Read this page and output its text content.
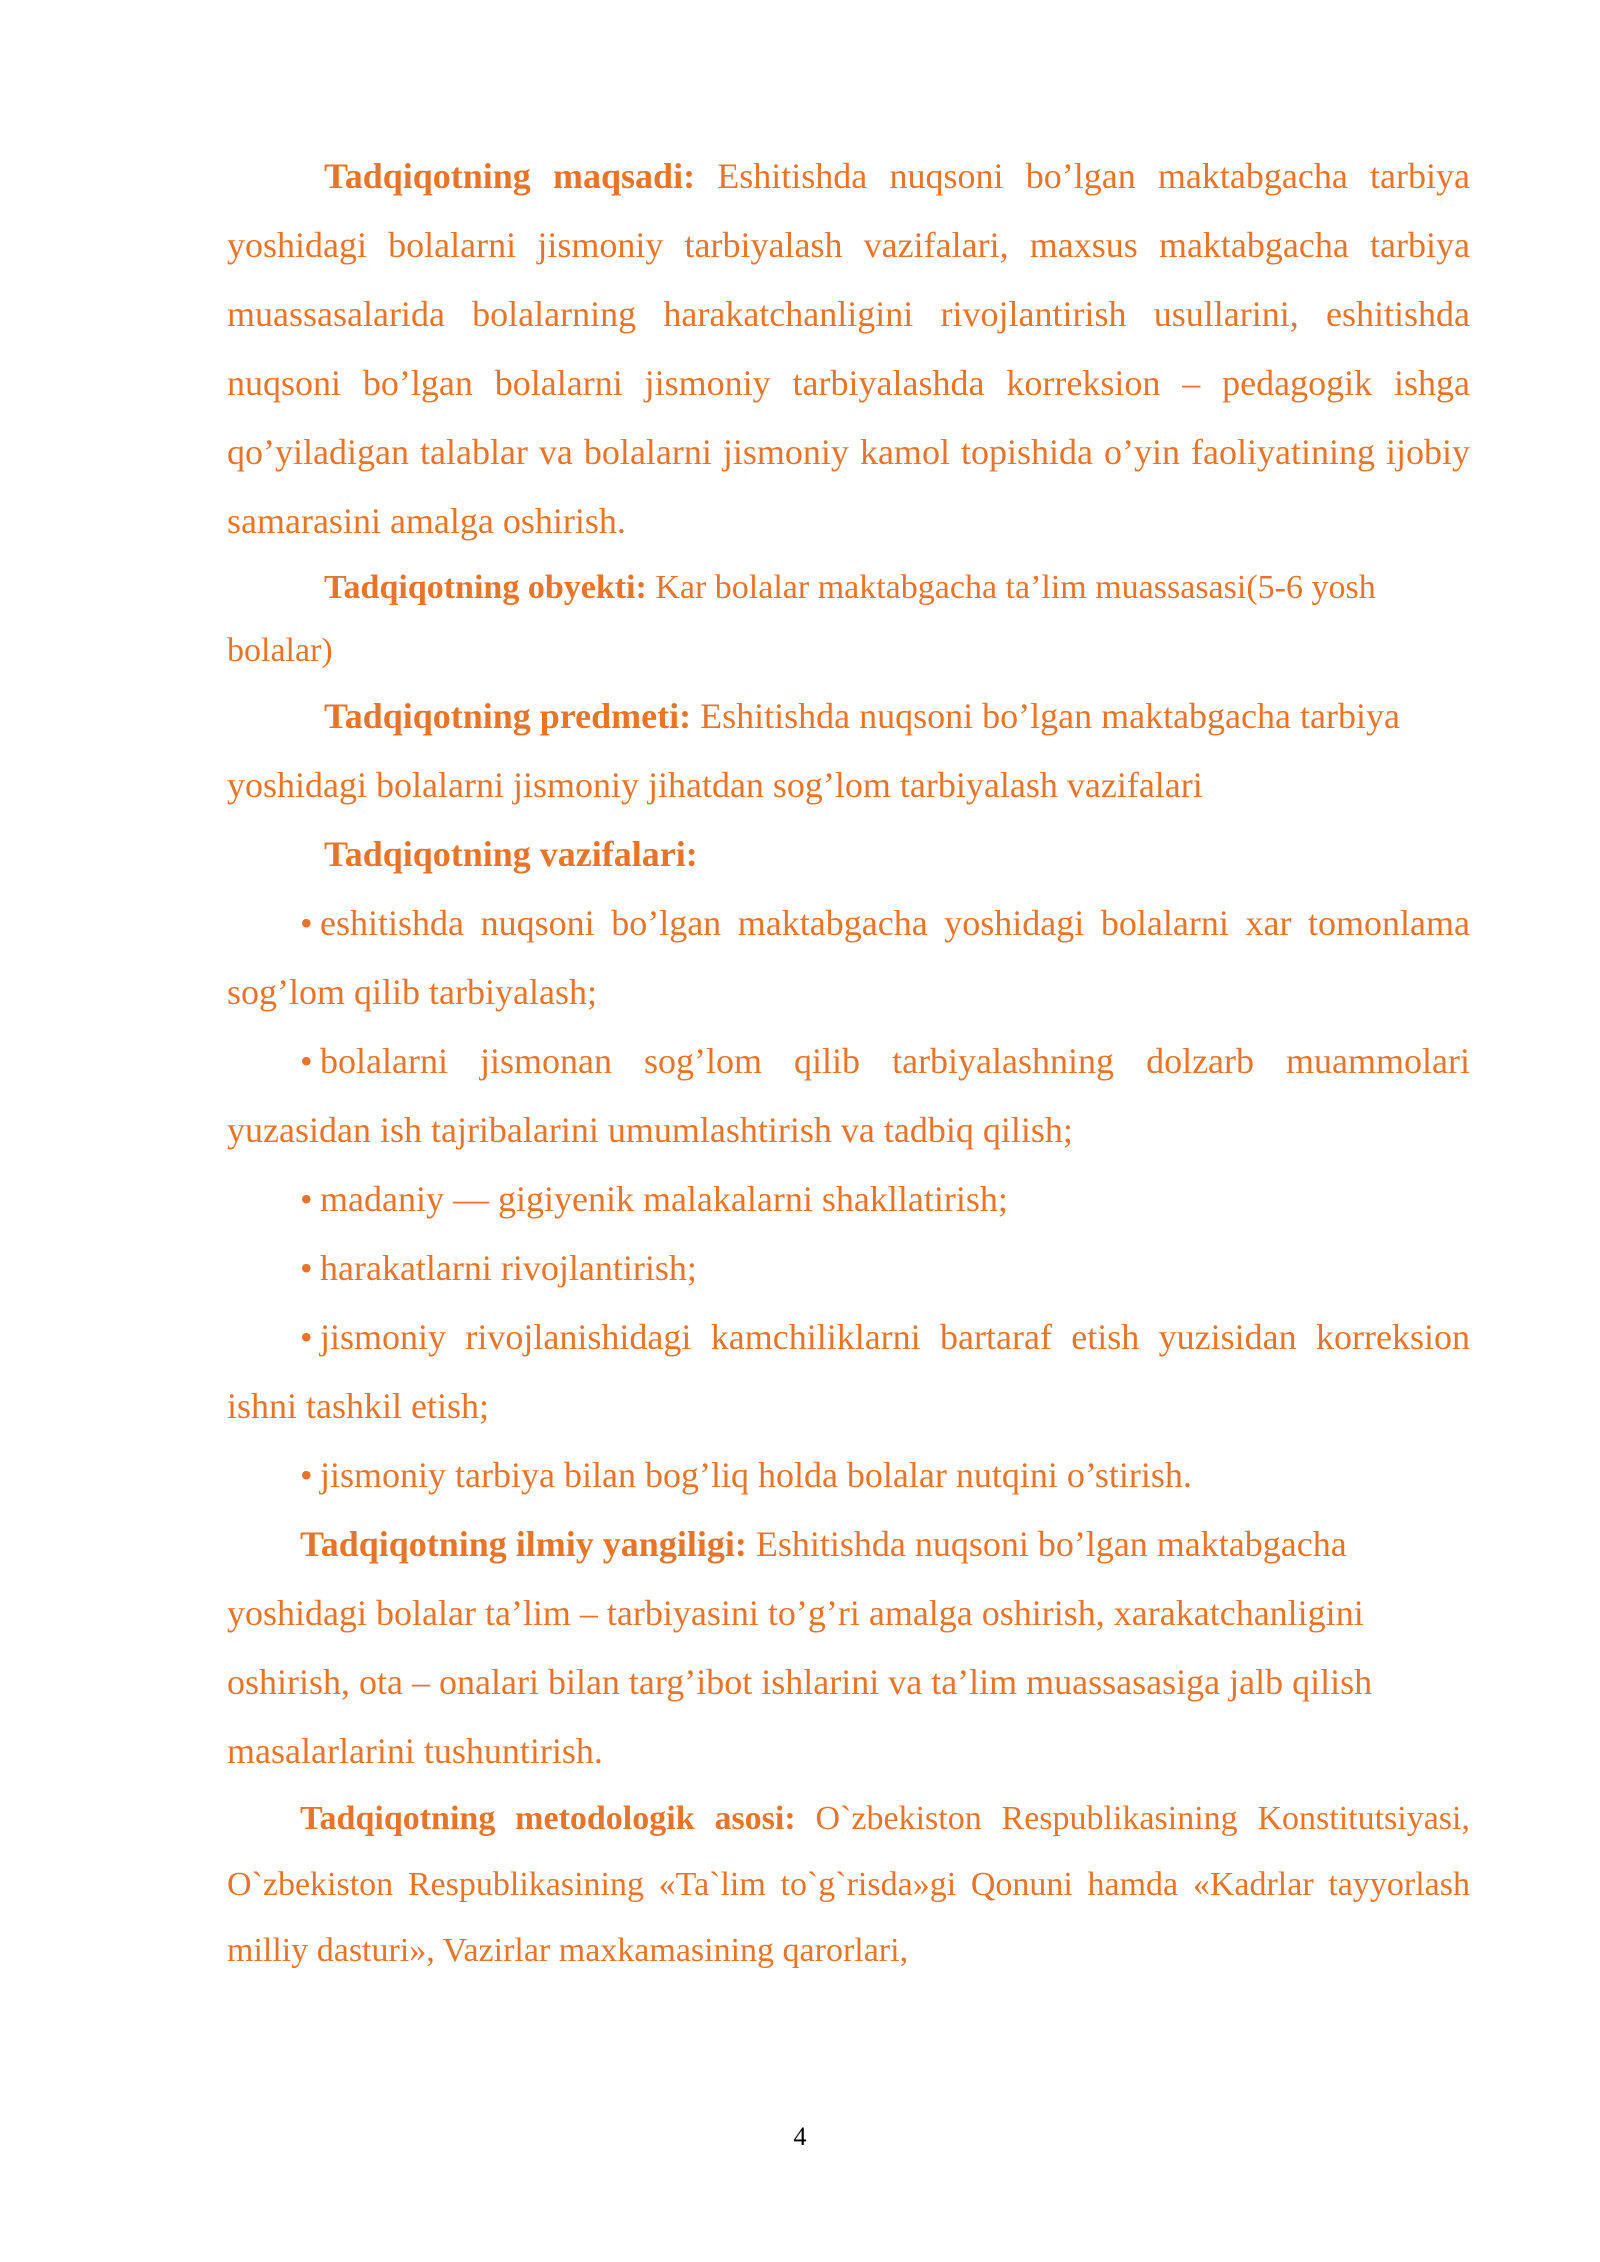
Tadqiqotning maqsadi: Eshitishda nuqsoni bo’lgan maktabgacha tarbiya yoshidagi bolalarni jismoniy tarbiyalash vazifalari, maxsus maktabgacha tarbiya muassasalarida bolalarning harakatchanligini rivojlantirish usullarini, eshitishda nuqsoni bo’lgan bolalarni jismoniy tarbiyalashda korreksion – pedagogik ishga qo’yiladigan talablar va bolalarni jismoniy kamol topishida o’yin faoliyatining ijobiy samarasini amalga oshirish.

Tadqiqotning obyekti: Kar bolalar maktabgacha ta’lim muassasasi(5-6 yosh bolalar)

Tadqiqotning predmeti: Eshitishda nuqsoni bo’lgan maktabgacha tarbiya yoshidagi bolalarni jismoniy jihatdan sog’lom tarbiyalash vazifalari

Tadqiqotning vazifalari:

• eshitishda nuqsoni bo’lgan maktabgacha yoshidagi bolalarni xar tomonlama sog’lom qilib tarbiyalash;

• bolalarni jismonan sog’lom qilib tarbiyalashning dolzarb muammolari yuzasidan ish tajribalarini umumlashtirish va tadbiq qilish;

• madaniy — gigiyenik malakalarni shakllatirish;

• harakatlarni rivojlantirish;

• jismoniy rivojlanishidagi kamchiliklarni bartaraf etish yuzisidan korreksion ishni tashkil etish;

• jismoniy tarbiya bilan bog’liq holda bolalar nutqini o’stirish.

Tadqiqotning ilmiy yangiligi: Eshitishda nuqsoni bo’lgan maktabgacha yoshidagi bolalar ta’lim – tarbiyasini to’g’ri amalga oshirish, xarakatchanligini oshirish, ota – onalari bilan targ’ibot ishlarini va ta’lim muassasasiga jalb qilish masalarlarini tushuntirish.

Tadqiqotning metodologik asosi: O`zbekiston Respublikasining Konstitutsiyasi, O`zbekiston Respublikasining «Ta`lim to`g`risda»gi Qonuni hamda «Kadrlar tayyorlash milliy dasturi», Vazirlar maxkamasining qarorlari,

4
